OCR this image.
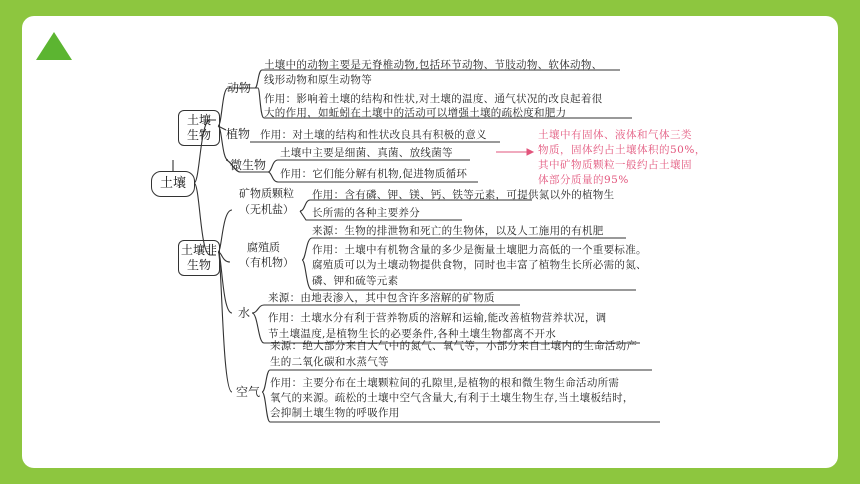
土壤
土壤生物
动物
土壤中的动物主要是无脊椎动物,包括环节动物、节肢动物、软体动物、
线形动物和原生动物等
作用：影响着土壤的结构和性状,对土壤的温度、通气状况的改良起着很
大的作用，如蚯蚓在土壤中的活动可以增强土壤的疏松度和肥力
植物 作用：对土壤的结构和性状改良具有积极的意义
微生物
土壤中主要是细菌、真菌、放线菌等
作用：它们能分解有机物,促进物质循环
土壤中有固体、液体和气体三类
物质，固体约占土壤体积的50%，
其中矿物质颗粒一般约占土壤固
体部分质量的95%
土壤非生物
矿物质颗粒
（无机盐）
作用：含有磷、钾、镁、钙、铁等元素，可提供氮以外的植物生
长所需的各种主要养分
腐殖质
（有机物）
来源：生物的排泄物和死亡的生物体，以及人工施用的有机肥
作用：土壤中有机物含量的多少是衡量土壤肥力高低的一个重要标准。
腐殖质可以为土壤动物提供食物，同时也丰富了植物生长所必需的氮、
磷、钾和硫等元素
水
来源：由地表渗入，其中包含许多溶解的矿物质
作用：土壤水分有利于营养物质的溶解和运输,能改善植物营养状况，调
节土壤温度,是植物生长的必要条件,各种土壤生物都离不开水
空气
来源：绝大部分来自大气中的氮气、氧气等，小部分来自土壤内的生命活动产
生的二氧化碳和水蒸气等
作用：主要分布在土壤颗粒间的孔隙里,是植物的根和微生物生命活动所需
氧气的来源。疏松的土壤中空气含量大,有利于土壤生物生存,当土壤板结时，
会抑制土壤生物的呼吸作用
